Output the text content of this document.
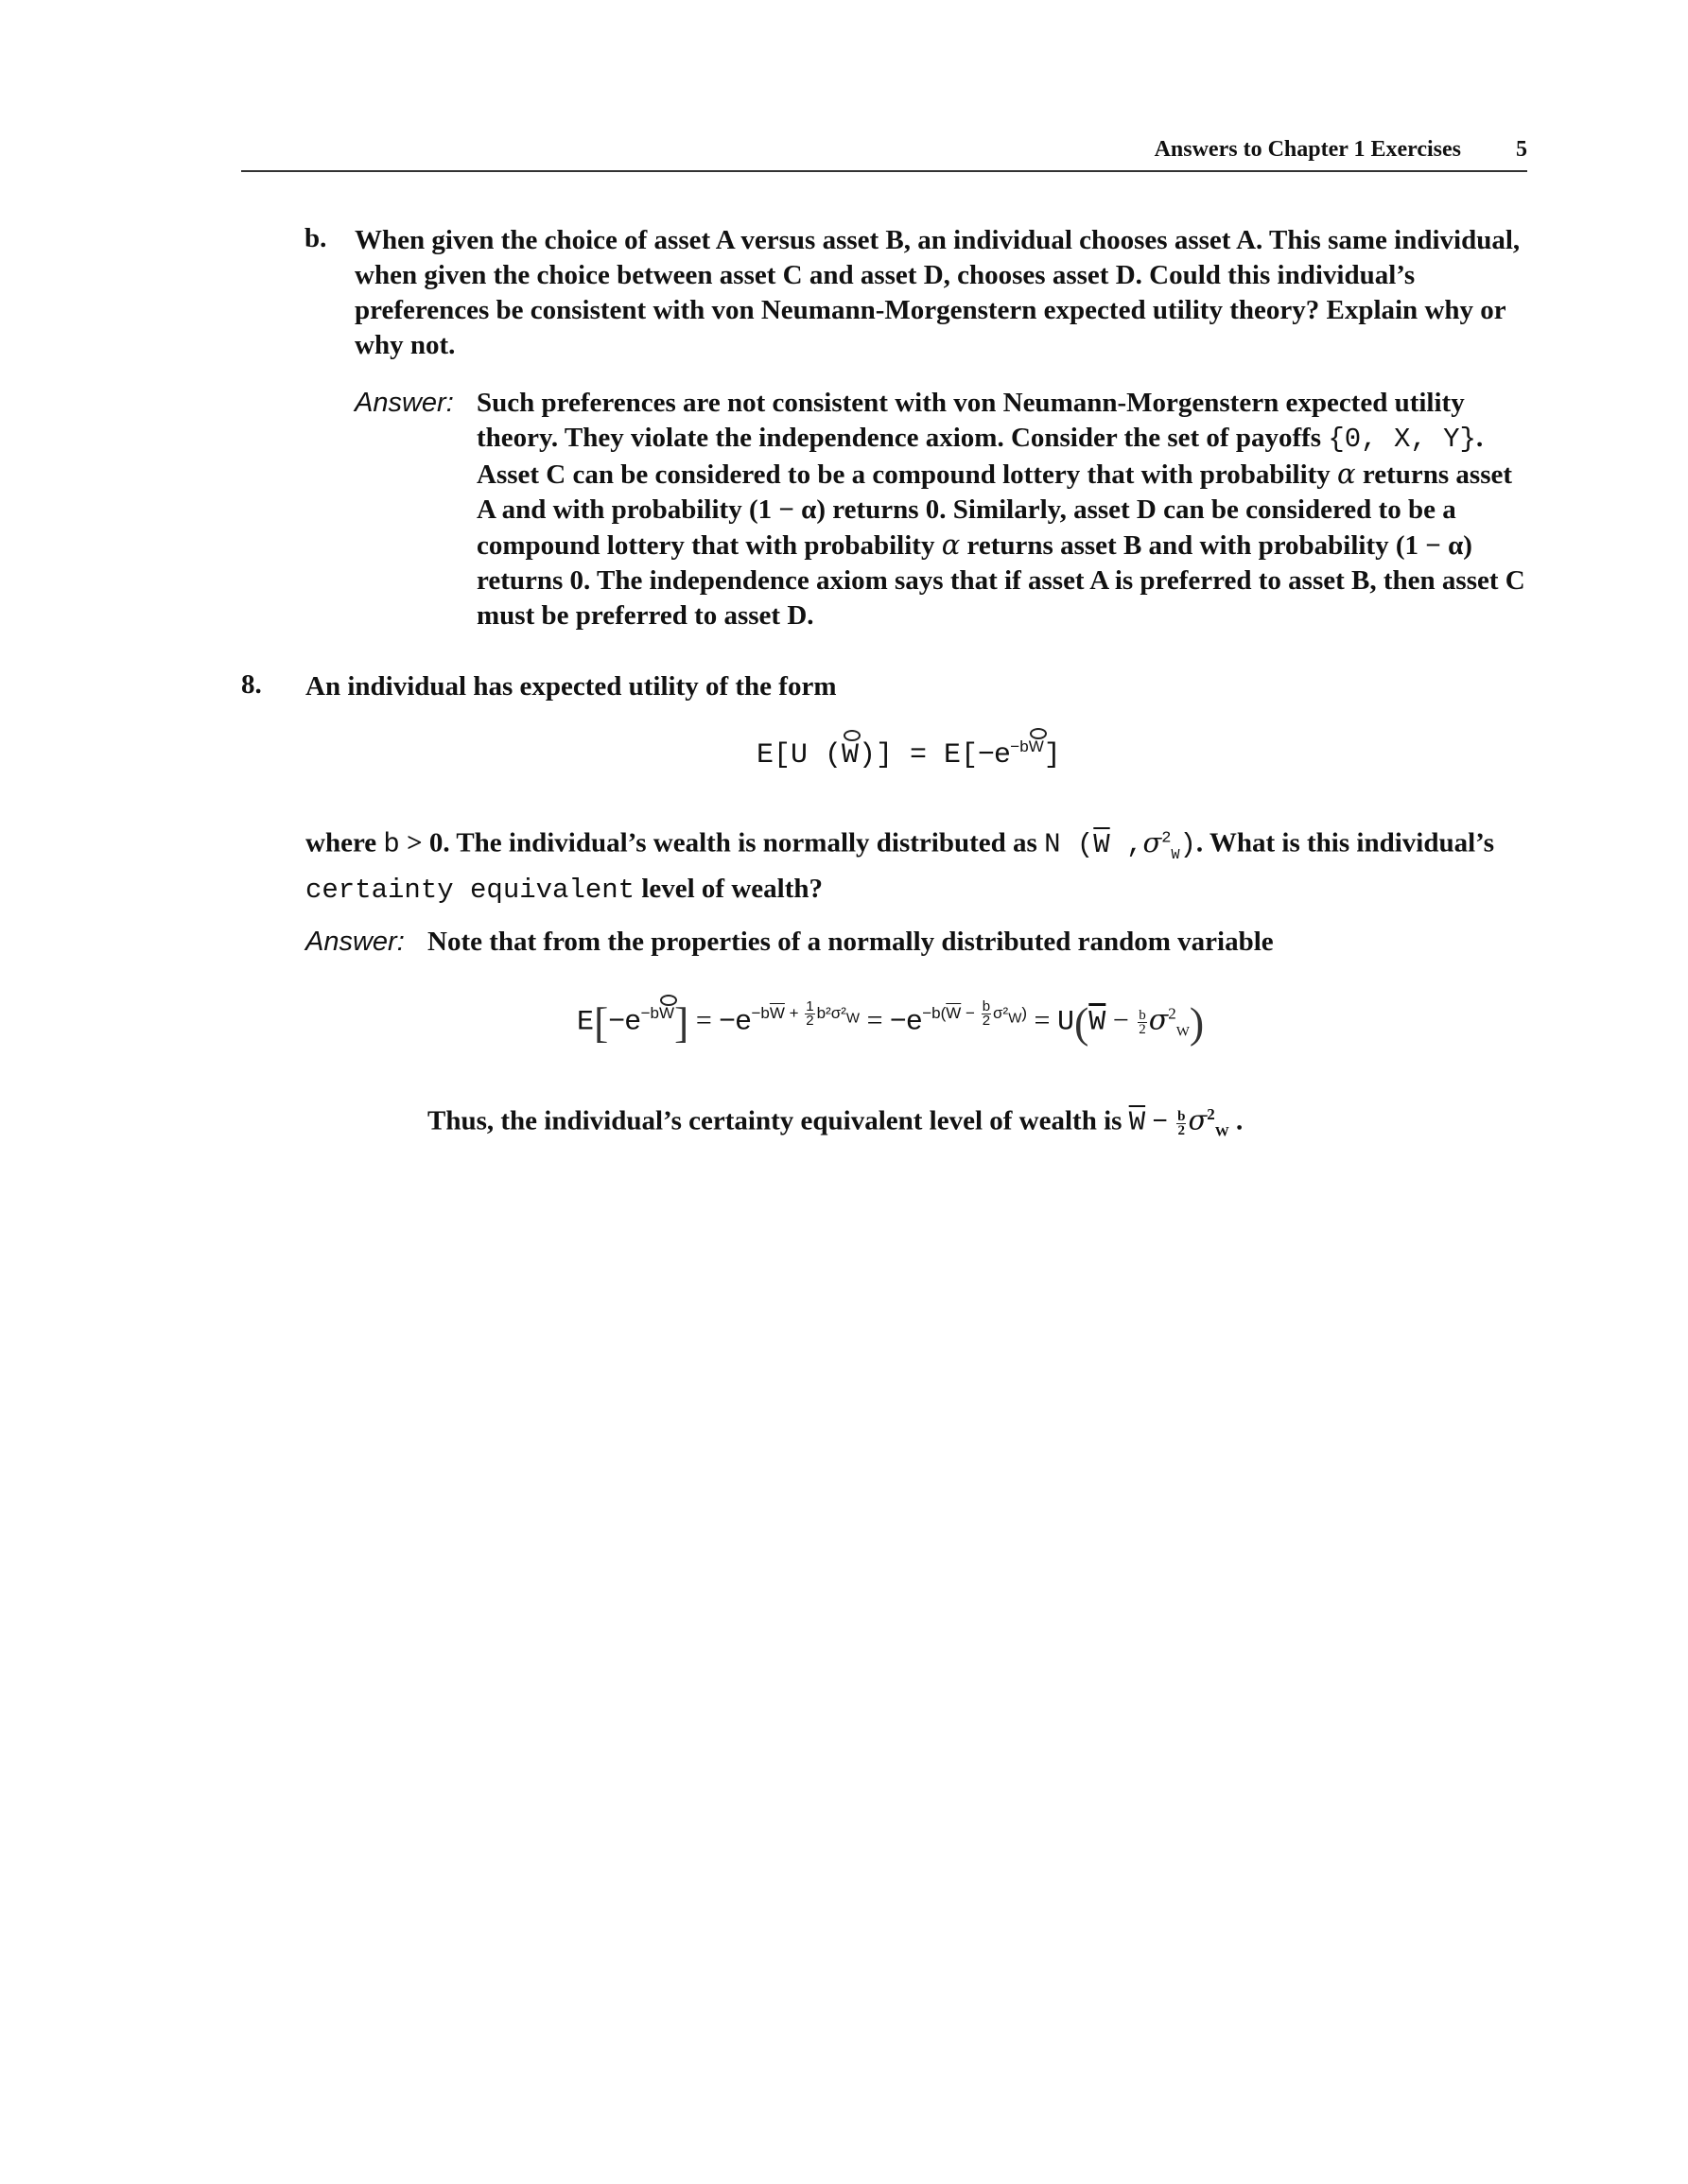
Answers to Chapter 1 Exercises 5
b. When given the choice of asset A versus asset B, an individual chooses asset A. This same individual, when given the choice between asset C and asset D, chooses asset D. Could this individual’s preferences be consistent with von Neumann-Morgenstern expected utility theory? Explain why or why not.
Answer: Such preferences are not consistent with von Neumann-Morgenstern expected utility theory. They violate the independence axiom. Consider the set of payoffs {0, X, Y}. Asset C can be considered to be a compound lottery that with probability α returns asset A and with probability (1 − α) returns 0. Similarly, asset D can be considered to be a compound lottery that with probability α returns asset B and with probability (1 − α) returns 0. The independence axiom says that if asset A is preferred to asset B, then asset C must be preferred to asset D.
8. An individual has expected utility of the form
E[U $(W)] = E[-e^{-bW}]$
where b > 0. The individual’s wealth is normally distributed as N ($\overline{W}$ $,\sigma^2_W$). What is this individual’s
certainty equivalent level of wealth?
Answer: Note that from the properties of a normally distributed random variable
$E[-e^{-bW}] = -e^{-b\overline{W} + \frac{1}{2} b^2\sigma^2_W} = -e^{-b(\overline{W} - \frac{b}{2} \sigma^2_W)} = U(\overline{W} - \frac{b}{2} \sigma^2_W)$
Thus, the individual’s certainty equivalent level of wealth is $\overline{W} - \frac{b}{2} \sigma^2_W$ .
